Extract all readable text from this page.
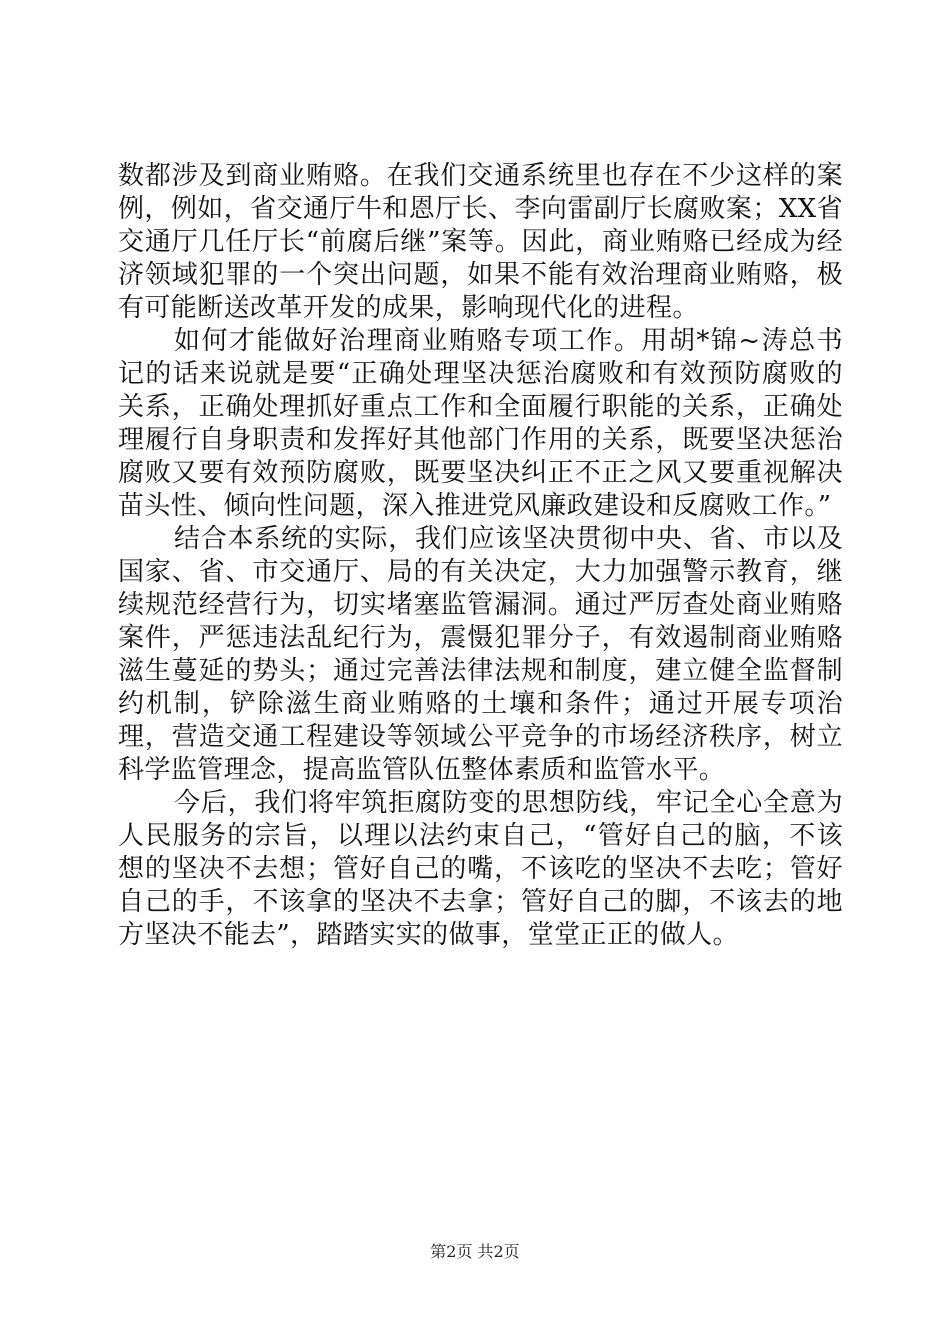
数都涉及到商业贿赂。在我们交通系统里也存在不少这样的案例，例如，省交通厅牛和恩厅长、李向雷副厅长腐败案；XX省交通厅几任厅长“前腐后继”案等。因此，商业贿赂已经成为经济领域犯罪的一个突出问题，如果不能有效治理商业贿赂，极有可能断送改革开发的成果，影响现代化的进程。

如何才能做好治理商业贿赂专项工作。用胡*锦~涛总书记的话来说就是要“正确处理坚决惩治腐败和有效预防腐败的关系，正确处理抓好重点工作和全面履行职能的关系，正确处理履行自身职责和发挥好其他部门作用的关系，既要坚决惩治腐败又要有效预防腐败，既要坚决纠正不正之风又要重视解决苗头性、倾向性问题，深入推进党风廉政建设和反腐败工作。”

结合本系统的实际，我们应该坚决贯彻中央、省、市以及国家、省、市交通厅、局的有关决定，大力加强警示教育，继续规范经营行为，切实堵塞监管漏洞。通过严厉查处商业贿赂案件，严惩违法乱纪行为，震慑犯罪分子，有效遏制商业贿赂滋生蔓延的势头；通过完善法律法规和制度，建立健全监督制约机制，铲除滋生商业贿赂的土壤和条件；通过开展专项治理，营造交通工程建设等领域公平竞争的市场经济秩序，树立科学监管理念，提高监管队伍整体素质和监管水平。

今后，我们将牢筑拒腐防变的思想防线，牢记全心全意为人民服务的宗旨，以理以法约束自己，“管好自己的脑，不该想的坚决不去想；管好自己的嘴，不该吃的坚决不去吃；管好自己的手，不该拿的坚决不去拿；管好自己的脚，不该去的地方坚决不能去”，踏踏实实的做事，堂堂正正的做人。

第2页 共2页
